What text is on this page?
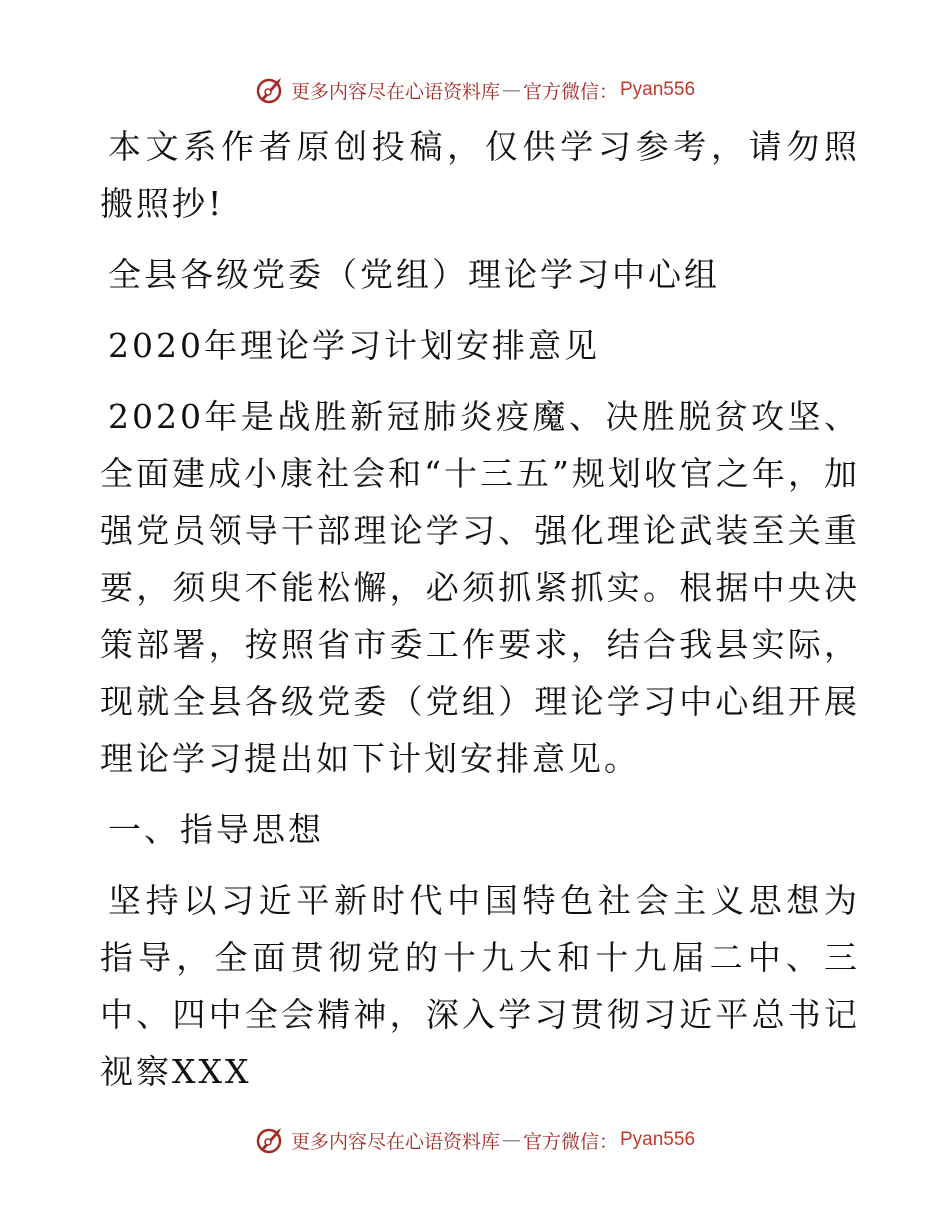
更多内容尽在心语资料库 — 官方微信： Pyan556

本文系作者原创投稿，仅供学习参考，请勿照搬照抄!

全县各级党委（党组）理论学习中心组

2020年理论学习计划安排意见

2020年是战胜新冠肺炎疫魔、决胜脱贫攻坚、全面建成小康社会和“十三五”规划收官之年，加强党员领导干部理论学习、强化理论武装至关重要，须臾不能松懈，必须抓紧抓实。根据中央决策部署，按照省市委工作要求，结合我县实际，现就全县各级党委（党组）理论学习中心组开展理论学习提出如下计划安排意见。

一、指导思想

坚持以习近平新时代中国特色社会主义思想为指导，全面贯彻党的十九大和十九届二中、三中、四中全会精神，深入学习贯彻习近平总书记视察XXX

更多内容尽在心语资料库 — 官方微信： Pyan556
